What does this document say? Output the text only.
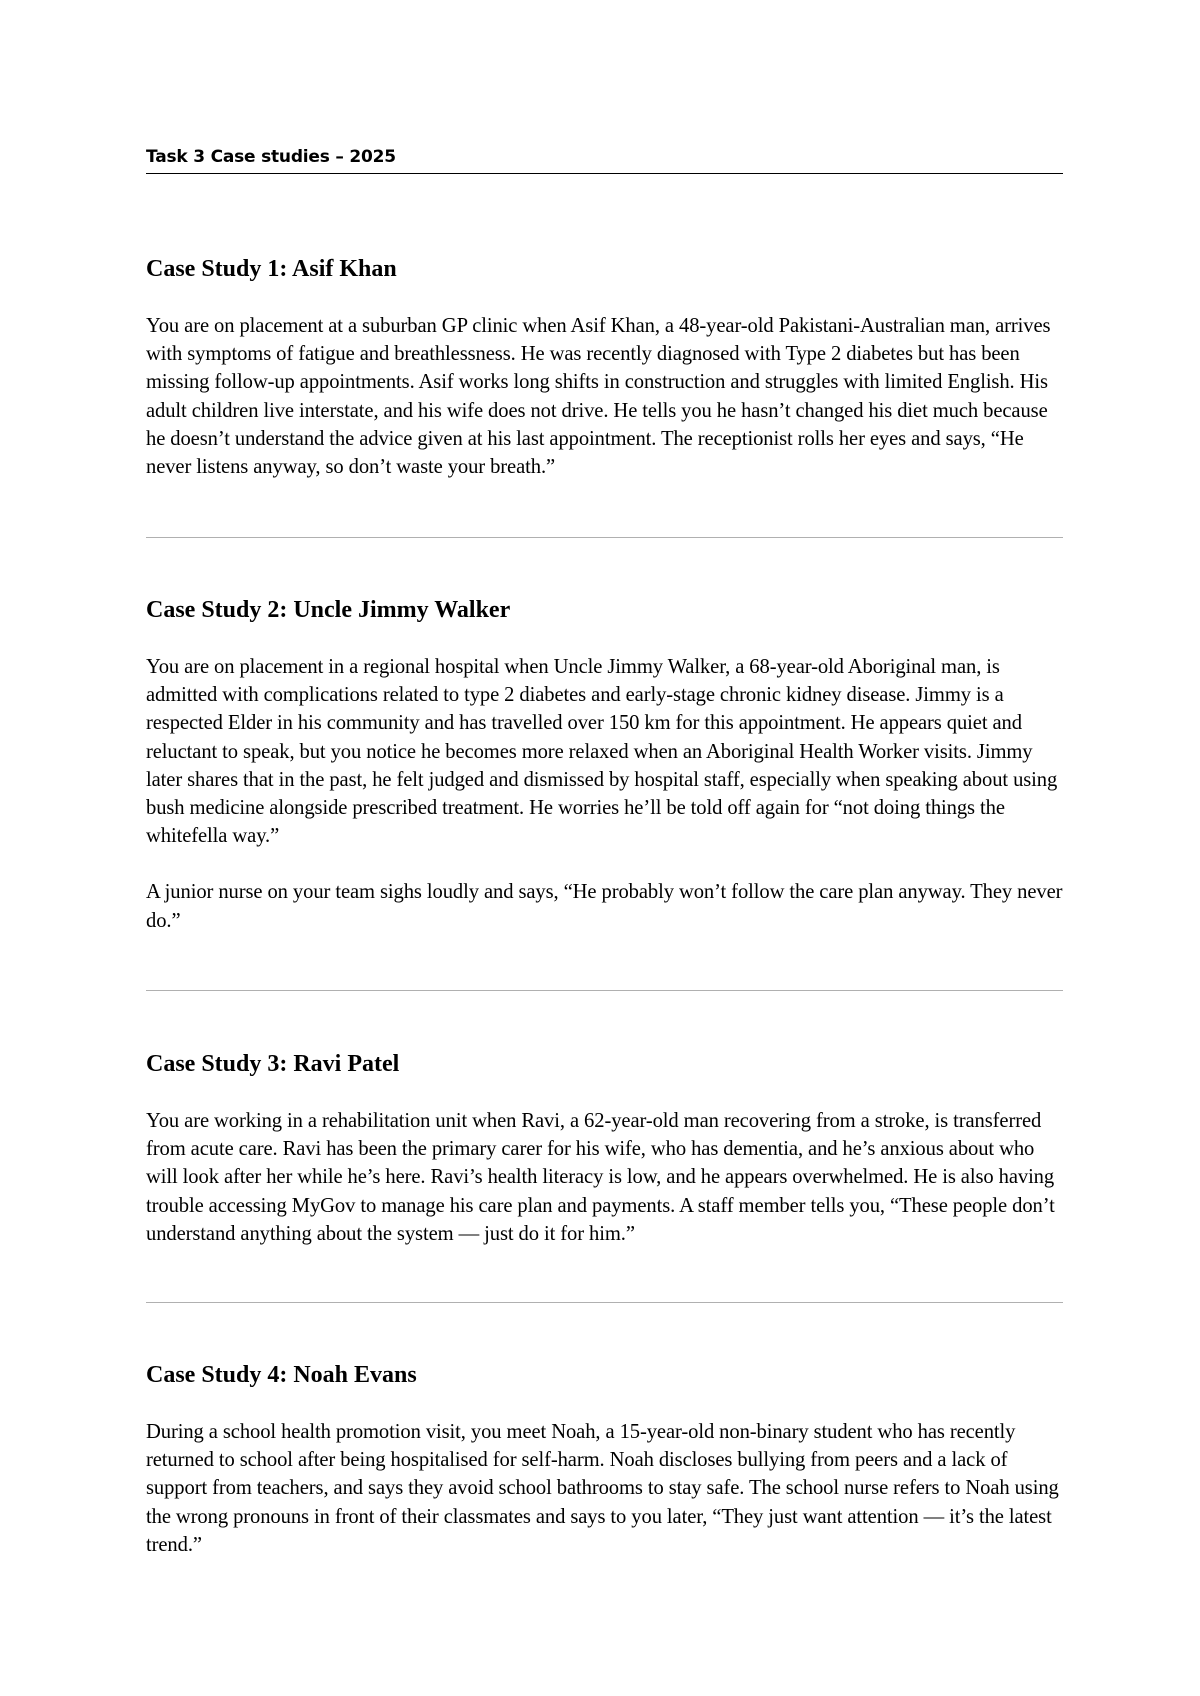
Task 3 Case studies – 2025
Case Study 1: Asif Khan

You are on placement at a suburban GP clinic when Asif Khan, a 48-year-old Pakistani-Australian man, arrives with symptoms of fatigue and breathlessness. He was recently diagnosed with Type 2 diabetes but has been missing follow-up appointments. Asif works long shifts in construction and struggles with limited English. His adult children live interstate, and his wife does not drive. He tells you he hasn’t changed his diet much because he doesn’t understand the advice given at his last appointment. The receptionist rolls her eyes and says, “He never listens anyway, so don’t waste your breath.”

Case Study 2: Uncle Jimmy Walker

You are on placement in a regional hospital when Uncle Jimmy Walker, a 68-year-old Aboriginal man, is admitted with complications related to type 2 diabetes and early-stage chronic kidney disease. Jimmy is a respected Elder in his community and has travelled over 150 km for this appointment. He appears quiet and reluctant to speak, but you notice he becomes more relaxed when an Aboriginal Health Worker visits. Jimmy later shares that in the past, he felt judged and dismissed by hospital staff, especially when speaking about using bush medicine alongside prescribed treatment. He worries he’ll be told off again for “not doing things the whitefella way.”

A junior nurse on your team sighs loudly and says, “He probably won’t follow the care plan anyway. They never do.”

Case Study 3: Ravi Patel

You are working in a rehabilitation unit when Ravi, a 62-year-old man recovering from a stroke, is transferred from acute care. Ravi has been the primary carer for his wife, who has dementia, and he’s anxious about who will look after her while he’s here. Ravi’s health literacy is low, and he appears overwhelmed. He is also having trouble accessing MyGov to manage his care plan and payments. A staff member tells you, “These people don’t understand anything about the system — just do it for him.”

Case Study 4: Noah Evans

During a school health promotion visit, you meet Noah, a 15-year-old non-binary student who has recently returned to school after being hospitalised for self-harm. Noah discloses bullying from peers and a lack of support from teachers, and says they avoid school bathrooms to stay safe. The school nurse refers to Noah using the wrong pronouns in front of their classmates and says to you later, “They just want attention — it’s the latest trend.”
